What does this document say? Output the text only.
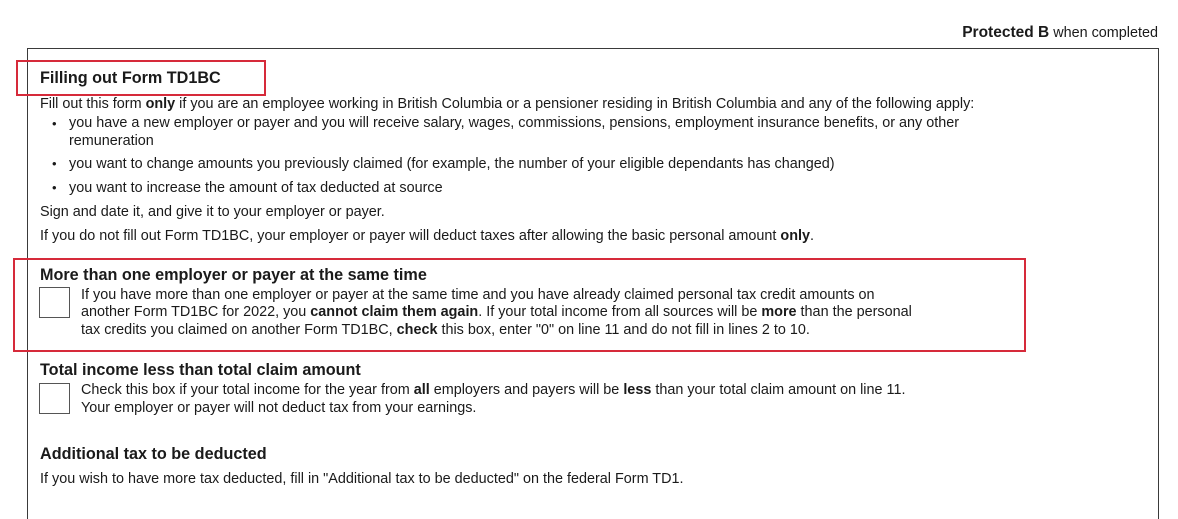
Protected B when completed
Filling out Form TD1BC
Fill out this form only if you are an employee working in British Columbia or a pensioner residing in British Columbia and any of the following apply:
• you have a new employer or payer and you will receive salary, wages, commissions, pensions, employment insurance benefits, or any other
remuneration
• you want to change amounts you previously claimed (for example, the number of your eligible dependants has changed)
• you want to increase the amount of tax deducted at source
Sign and date it, and give it to your employer or payer.
If you do not fill out Form TD1BC, your employer or payer will deduct taxes after allowing the basic personal amount only.
More than one employer or payer at the same time
If you have more than one employer or payer at the same time and you have already claimed personal tax credit amounts on
another Form TD1BC for 2022, you cannot claim them again. If your total income from all sources will be more than the personal
tax credits you claimed on another Form TD1BC, check this box, enter "0" on line 11 and do not fill in lines 2 to 10.
Total income less than total claim amount
Check this box if your total income for the year from all employers and payers will be less than your total claim amount on line 11.
Your employer or payer will not deduct tax from your earnings.
Additional tax to be deducted
If you wish to have more tax deducted, fill in "Additional tax to be deducted" on the federal Form TD1.
